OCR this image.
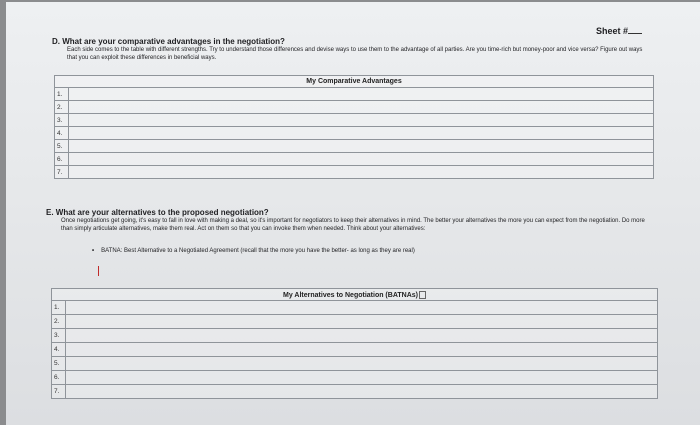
Sheet #
D. What are your comparative advantages in the negotiation?
Each side comes to the table with different strengths. Try to understand those differences and devise ways to use them to the advantage of all parties. Are you time-rich but money-poor and vice versa? Figure out ways that you can exploit these differences in beneficial ways.
My Comparative Advantages	
1.	
2.	
3.	
4.	
5.	
6.	
7.	
E. What are your alternatives to the proposed negotiation?
Once negotiations get going, it's easy to fall in love with making a deal, so it's important for negotiators to keep their alternatives in mind. The better your alternatives the more you can expect from the negotiation. Do more than simply articulate alternatives, make them real. Act on them so that you can invoke them when needed. Think about your alternatives:
• BATNA: Best Alternative to a Negotiated Agreement (recall that the more you have the better- as long as they are real)
My Alternatives to Negotiation (BATNAs)	
1.	
2.	
3.	
4.	
5.	
6.	
7.	
